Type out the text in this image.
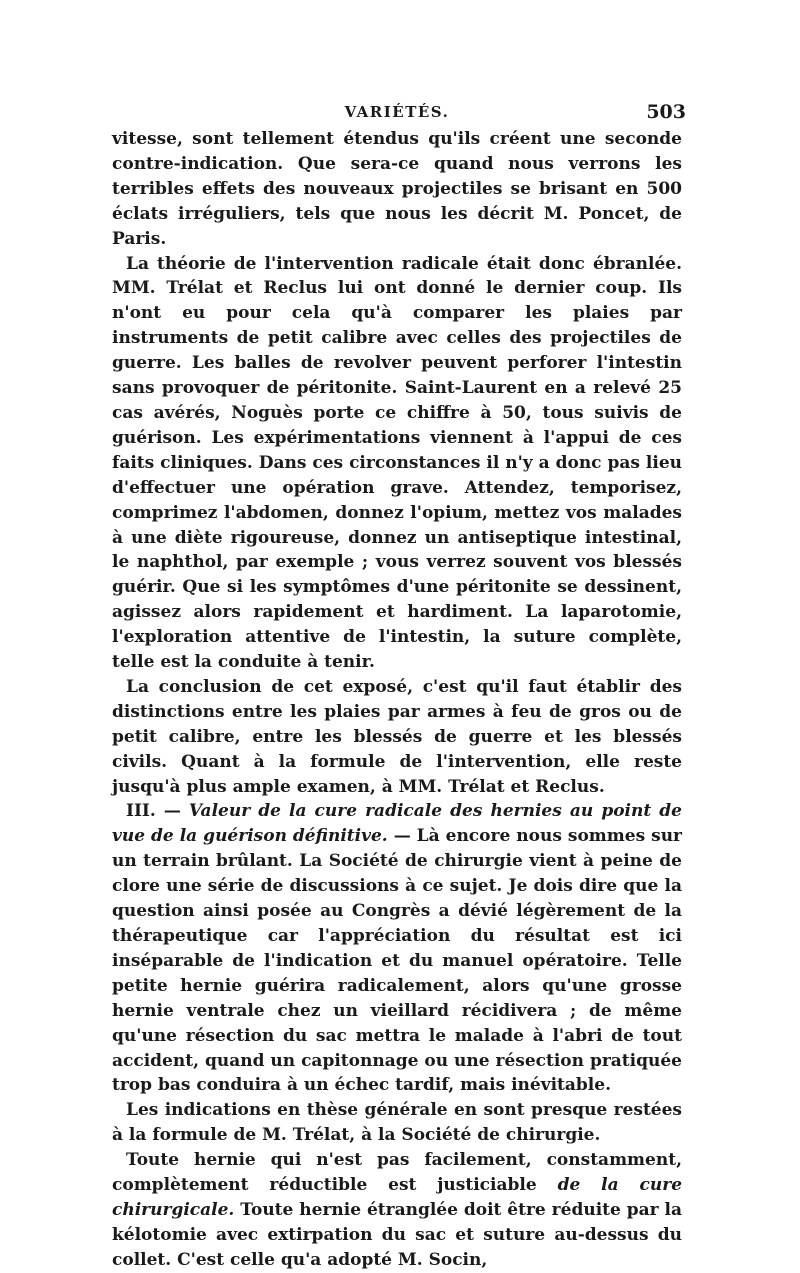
VARIÉTÉS.	503

vitesse, sont tellement étendus qu'ils créent une seconde contre-indication. Que sera-ce quand nous verrons les terribles effets des nouveaux projectiles se brisant en 500 éclats irréguliers, tels que nous les décrit M. Poncet, de Paris.

La théorie de l'intervention radicale était donc ébranlée. MM. Trélat et Reclus lui ont donné le dernier coup. Ils n'ont eu pour cela qu'à comparer les plaies par instruments de petit calibre avec celles des projectiles de guerre. Les balles de revolver peuvent perforer l'intestin sans provoquer de péritonite. Saint-Laurent en a relevé 25 cas avérés, Noguès porte ce chiffre à 50, tous suivis de guérison. Les expérimentations viennent à l'appui de ces faits cliniques. Dans ces circonstances il n'y a donc pas lieu d'effectuer une opération grave. Attendez, temporisez, comprimez l'abdomen, donnez l'opium, mettez vos malades à une diète rigoureuse, donnez un antiseptique intestinal, le naphthol, par exemple ; vous verrez souvent vos blessés guérir. Que si les symptômes d'une péritonite se dessinent, agissez alors rapidement et hardiment. La laparotomie, l'exploration attentive de l'intestin, la suture complète, telle est la conduite à tenir.

La conclusion de cet exposé, c'est qu'il faut établir des distinctions entre les plaies par armes à feu de gros ou de petit calibre, entre les blessés de guerre et les blessés civils. Quant à la formule de l'intervention, elle reste jusqu'à plus ample examen, à MM. Trélat et Reclus.

III. — Valeur de la cure radicale des hernies au point de vue de la guérison définitive. — Là encore nous sommes sur un terrain brûlant. La Société de chirurgie vient à peine de clore une série de discussions à ce sujet. Je dois dire que la question ainsi posée au Congrès a dévié légèrement de la thérapeutique car l'appréciation du résultat est ici inséparable de l'indication et du manuel opératoire. Telle petite hernie guérira radicalement, alors qu'une grosse hernie ventrale chez un vieillard récidivera ; de même qu'une résection du sac mettra le malade à l'abri de tout accident, quand un capitonnage ou une résection pratiquée trop bas conduira à un échec tardif, mais inévitable.

Les indications en thèse générale en sont presque restées à la formule de M. Trélat, à la Société de chirurgie.

Toute hernie qui n'est pas facilement, constamment, complètement réductible est justiciable de la cure chirurgicale. Toute hernie étranglée doit être réduite par la kélotomie avec extirpation du sac et suture au-dessus du collet. C'est celle qu'a adopté M. Socin,
